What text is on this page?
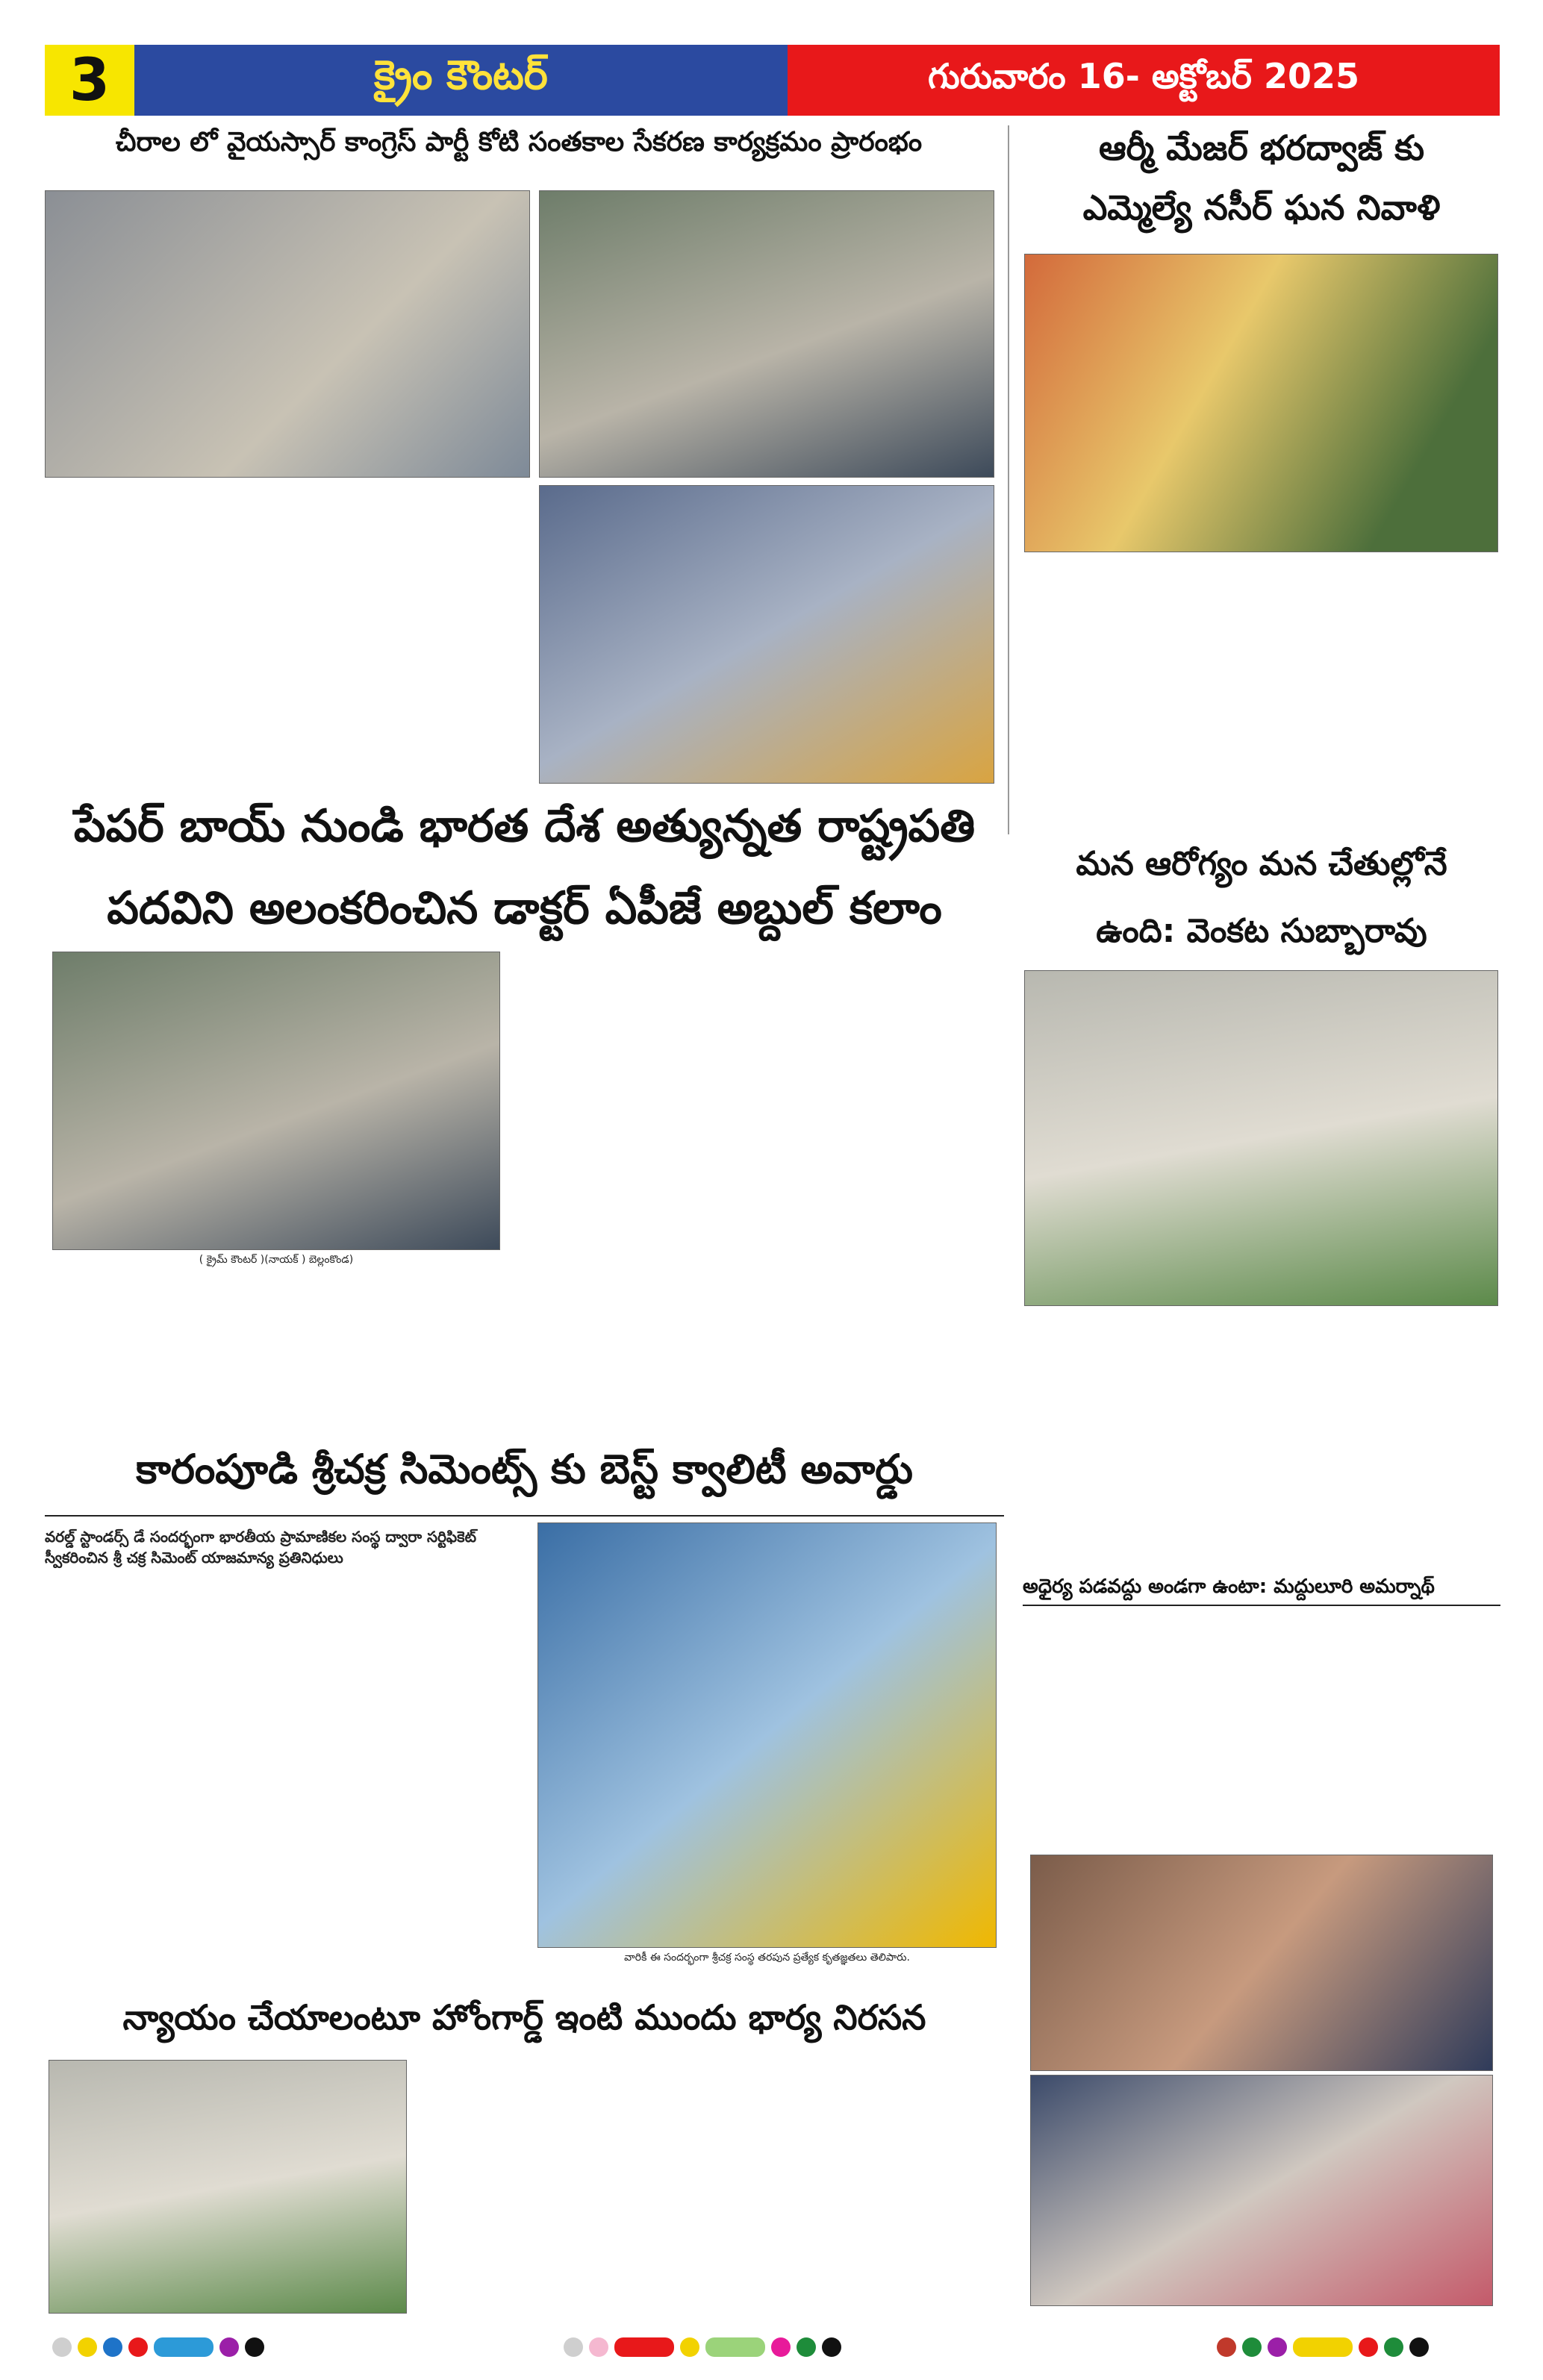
3	క్రైం కౌంటర్	గురువారం 16- అక్టోబర్ 2025
చీరాల లో వైయస్సార్ కాంగ్రెస్ పార్టీ కోటి సంతకాల సేకరణ కార్యక్రమం ప్రారంభం	ఆర్మీ మేజర్ భరద్వాజ్ కు
ఎమ్మెల్యే నసీర్ ఘన నివాళి
పేపర్ బాయ్ నుండి భారత దేశ అత్యున్నత రాష్ట్రపతి
పదవిని అలంకరించిన డాక్టర్ ఏపీజే అబ్దుల్ కలాం
( క్రైమ్ కౌంటర్ )(నాయక్ ) బెల్లంకొండ)
మన ఆరోగ్యం మన చేతుల్లోనే
ఉంది: వెంకట సుబ్బారావు
కారంపూడి శ్రీచక్ర సిమెంట్స్ కు బెస్ట్ క్వాలిటీ అవార్డు
వరల్డ్ స్టాండర్స్ డే సందర్భంగా భారతీయ ప్రామాణికల సంస్థ ద్వారా సర్టిఫికెట్ స్వీకరించిన శ్రీ చక్ర సిమెంట్ యాజమాన్య ప్రతినిధులు
వారికీ ఈ సందర్భంగా శ్రీచక్ర సంస్థ తరపున ప్రత్యేక కృతజ్ఞతలు తెలిపారు.
అధైర్య పడవద్దు అండగా ఉంటా: మద్దులూరి అమర్నాథ్
న్యాయం చేయాలంటూ హోంగార్డ్ ఇంటి ముందు భార్య నిరసన
